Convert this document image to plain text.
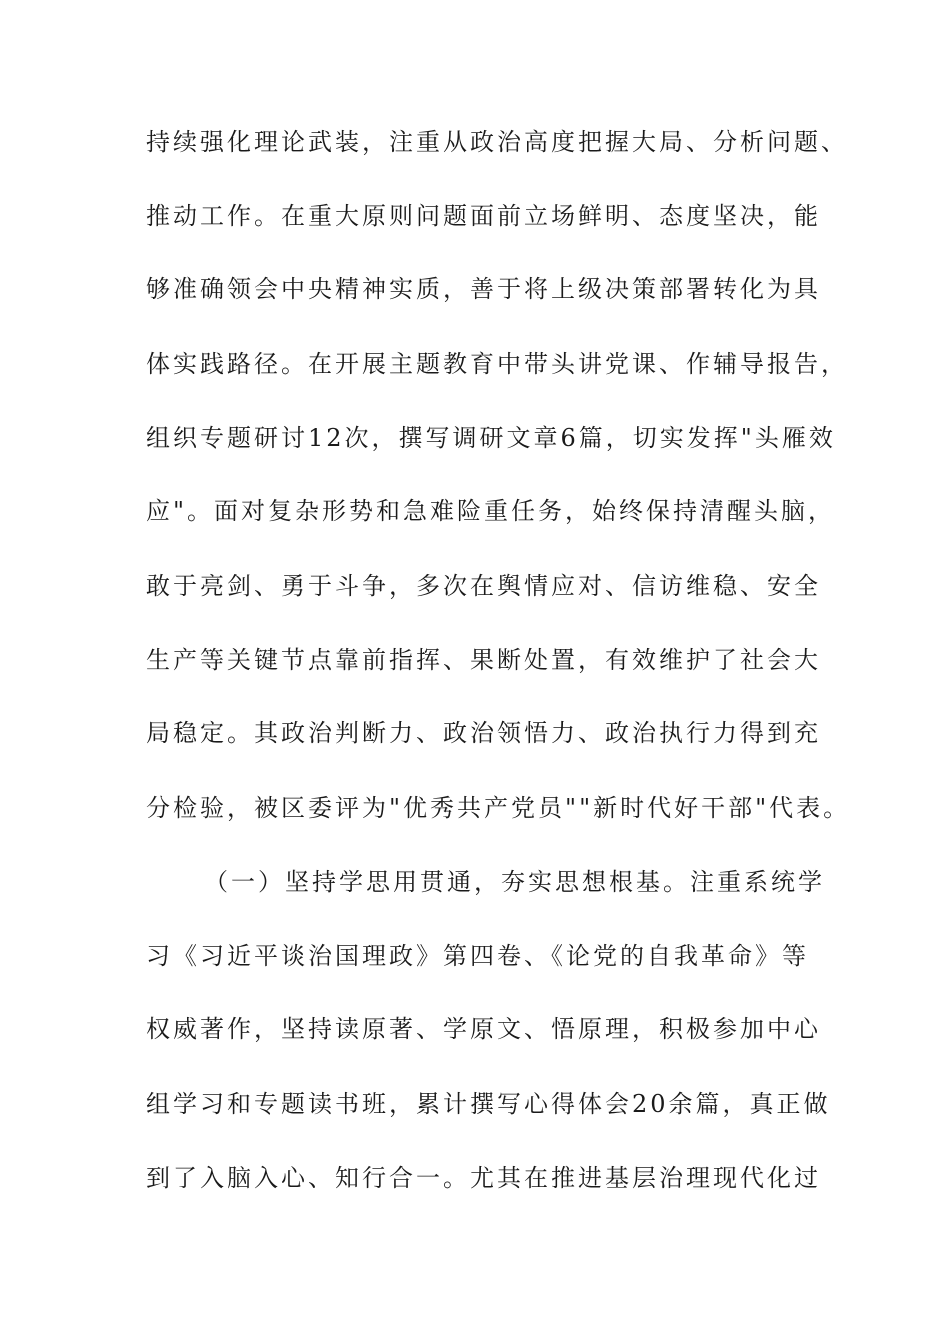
持续强化理论武装，注重从政治高度把握大局、分析问题、
推动工作。在重大原则问题面前立场鲜明、态度坚决，能
够准确领会中央精神实质，善于将上级决策部署转化为具
体实践路径。在开展主题教育中带头讲党课、作辅导报告，
组织专题研讨12次，撰写调研文章6篇，切实发挥"头雁效
应"。面对复杂形势和急难险重任务，始终保持清醒头脑，
敢于亮剑、勇于斗争，多次在舆情应对、信访维稳、安全
生产等关键节点靠前指挥、果断处置，有效维护了社会大
局稳定。其政治判断力、政治领悟力、政治执行力得到充
分检验，被区委评为"优秀共产党员""新时代好干部"代表。
（一）坚持学思用贯通，夯实思想根基。注重系统学
习《习近平谈治国理政》第四卷、《论党的自我革命》等
权威著作，坚持读原著、学原文、悟原理，积极参加中心
组学习和专题读书班，累计撰写心得体会20余篇，真正做
到了入脑入心、知行合一。尤其在推进基层治理现代化过
